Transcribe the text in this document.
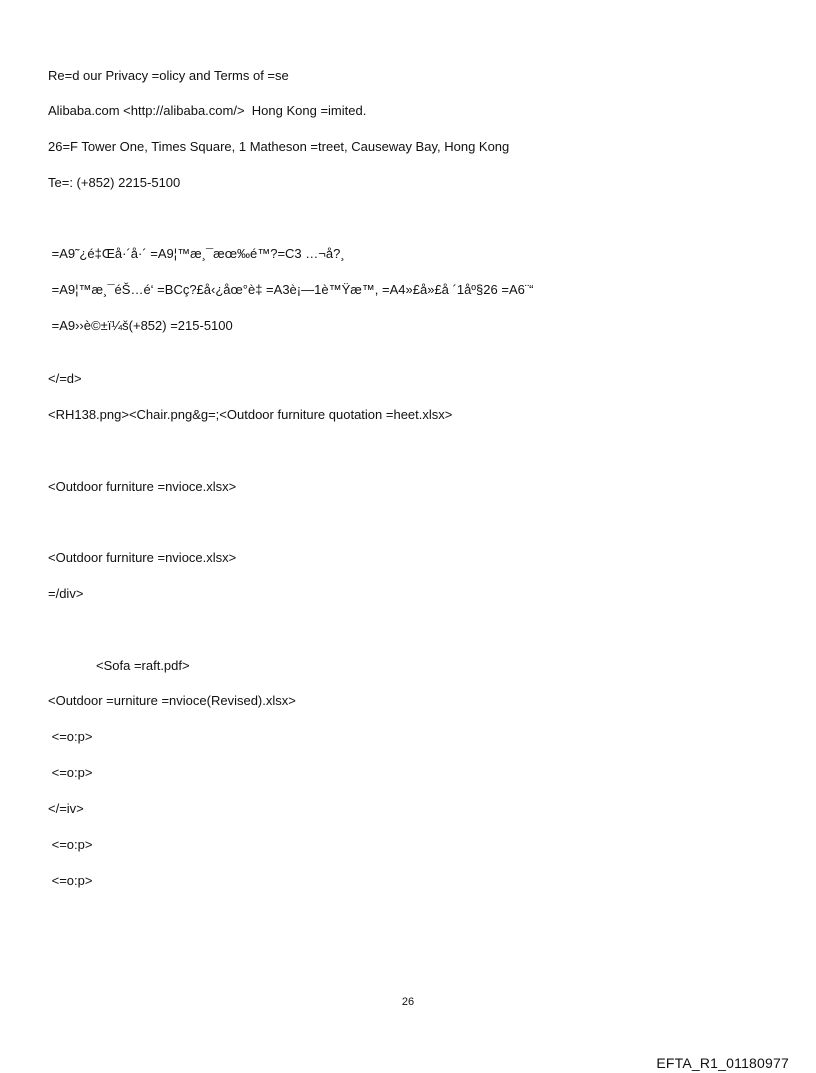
Re=d our Privacy =olicy and Terms of =se
Alibaba.com <http://alibaba.com/>  Hong Kong =imited.
26=F Tower One, Times Square, 1 Matheson =treet, Causeway Bay, Hong Kong
Te=: (+852) 2215-5100
=A9˜¿é‡Œå·´å·´ =A9¦™æ¸¯æœ‰é™?=C3 …¬å?¸
=A9¦™æ¸¯éŠ…é‘ =BCç?£å‹¿åœ°è‡ =A3è¡—1è™Ÿæ™, =A4»£å»£å ´1åº§26 =A6¨“
=A9››è©±ï¼š(+852) =215-5100
</=d>
<RH138.png><Chair.png&g=;<Outdoor furniture quotation =heet.xlsx>
<Outdoor furniture =nvioce.xlsx>
<Outdoor furniture =nvioce.xlsx>
=/div>
<Sofa =raft.pdf>
<Outdoor =urniture =nvioce(Revised).xlsx>
<=o:p>
<=o:p>
</=iv>
<=o:p>
<=o:p>
26
EFTA_R1_01180977
